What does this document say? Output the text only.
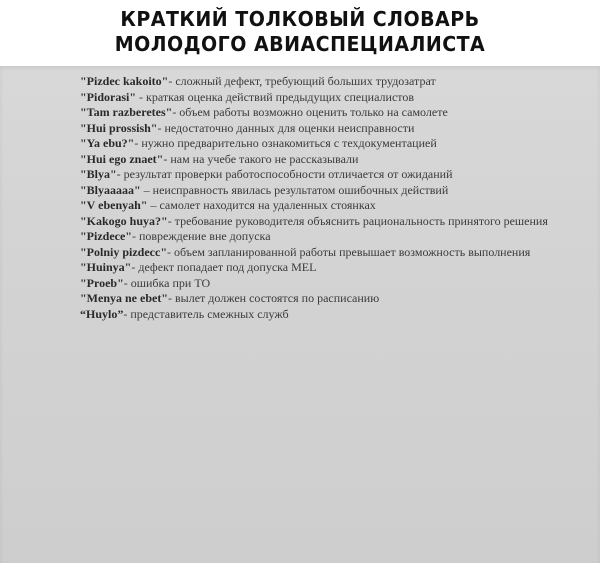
КРАТКИЙ ТОЛКОВЫЙ СЛОВАРЬ

МОЛОДОГО АВИАСПЕЦИАЛИСТА

"Pizdec kakoito"- сложный дефект, требующий больших трудозатрат
"Pidorasi" - краткая оценка действий предыдущих специалистов
"Tam razberetes"- объем работы возможно оценить только на самолете
"Hui prossish"- недостаточно данных для оценки неисправности
"Ya ebu?"- нужно предварительно ознакомиться с техдокументацией
"Hui ego znaet"- нам на учебе такого не рассказывали
"Blya"- результат проверки работоспособности отличается от ожиданий
"Blyaaaaa" – неисправность явилась результатом ошибочных действий
"V ebenyah" – самолет находится на удаленных стоянках
"Kakogo huya?"- требование руководителя объяснить рациональность принятого решения
"Pizdece"- повреждение вне допуска
"Polniy pizdecc"- объем запланированной работы превышает возможность выполнения
"Huinya"- дефект попадает под допуска MEL
"Proeb"- ошибка при ТО
"Menya ne ebet"- вылет должен состоятся по расписанию
“Huylo”- представитель смежных служб
